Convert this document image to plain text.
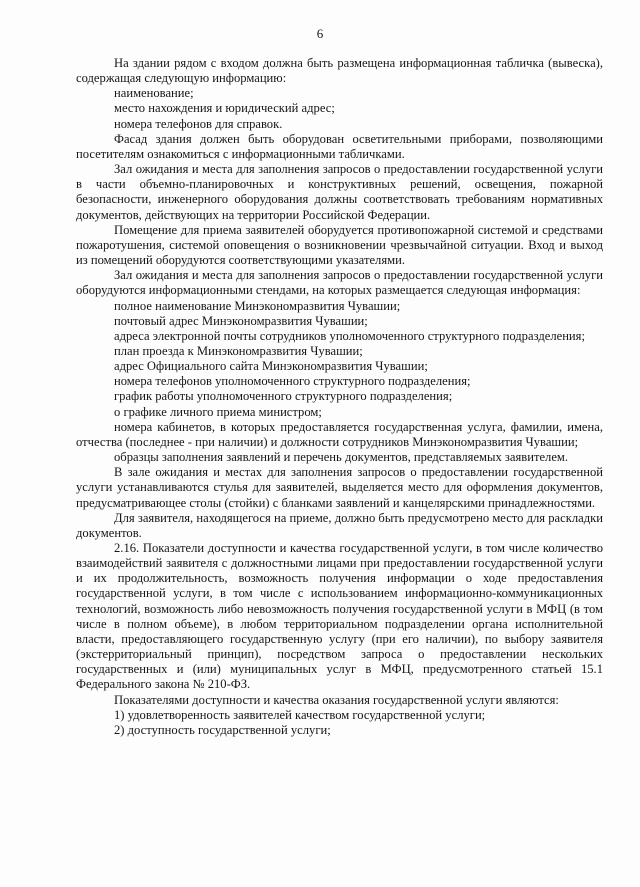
6

На здании рядом с входом должна быть размещена информационная табличка (вывеска), содержащая следующую информацию:

наименование;

место нахождения и юридический адрес;

номера телефонов для справок.

Фасад здания должен быть оборудован осветительными приборами, позволяющими посетителям ознакомиться с информационными табличками.

Зал ожидания и места для заполнения запросов о предоставлении государственной услуги в части объемно-планировочных и конструктивных решений, освещения, пожарной безопасности, инженерного оборудования должны соответствовать требованиям нормативных документов, действующих на территории Российской Федерации.

Помещение для приема заявителей оборудуется противопожарной системой и средствами пожаротушения, системой оповещения о возникновении чрезвычайной ситуации. Вход и выход из помещений оборудуются соответствующими указателями.

Зал ожидания и места для заполнения запросов о предоставлении государственной услуги оборудуются информационными стендами, на которых размещается следующая информация:

полное наименование Минэкономразвития Чувашии;

почтовый адрес Минэкономразвития Чувашии;

адреса электронной почты сотрудников уполномоченного структурного подразделения;

план проезда к Минэкономразвития Чувашии;

адрес Официального сайта Минэкономразвития Чувашии;

номера телефонов уполномоченного структурного подразделения;

график работы уполномоченного структурного подразделения;

о графике личного приема министром;

номера кабинетов, в которых предоставляется государственная услуга, фамилии, имена, отчества (последнее - при наличии) и должности сотрудников Минэкономразвития Чувашии;

образцы заполнения заявлений и перечень документов, представляемых заявителем.

В зале ожидания и местах для заполнения запросов о предоставлении государственной услуги устанавливаются стулья для заявителей, выделяется место для оформления документов, предусматривающее столы (стойки) с бланками заявлений и канцелярскими принадлежностями.

Для заявителя, находящегося на приеме, должно быть предусмотрено место для раскладки документов.

2.16. Показатели доступности и качества государственной услуги, в том числе количество взаимодействий заявителя с должностными лицами при предоставлении государственной услуги и их продолжительность, возможность получения информации о ходе предоставления государственной услуги, в том числе с использованием информационно-коммуникационных технологий, возможность либо невозможность получения государственной услуги в МФЦ (в том числе в полном объеме), в любом территориальном подразделении органа исполнительной власти, предоставляющего государственную услугу (при его наличии), по выбору заявителя (экстерриториальный принцип), посредством запроса о предоставлении нескольких государственных и (или) муниципальных услуг в МФЦ, предусмотренного статьей 15.1 Федерального закона № 210-ФЗ.

Показателями доступности и качества оказания государственной услуги являются:

1) удовлетворенность заявителей качеством государственной услуги;

2) доступность государственной услуги;
